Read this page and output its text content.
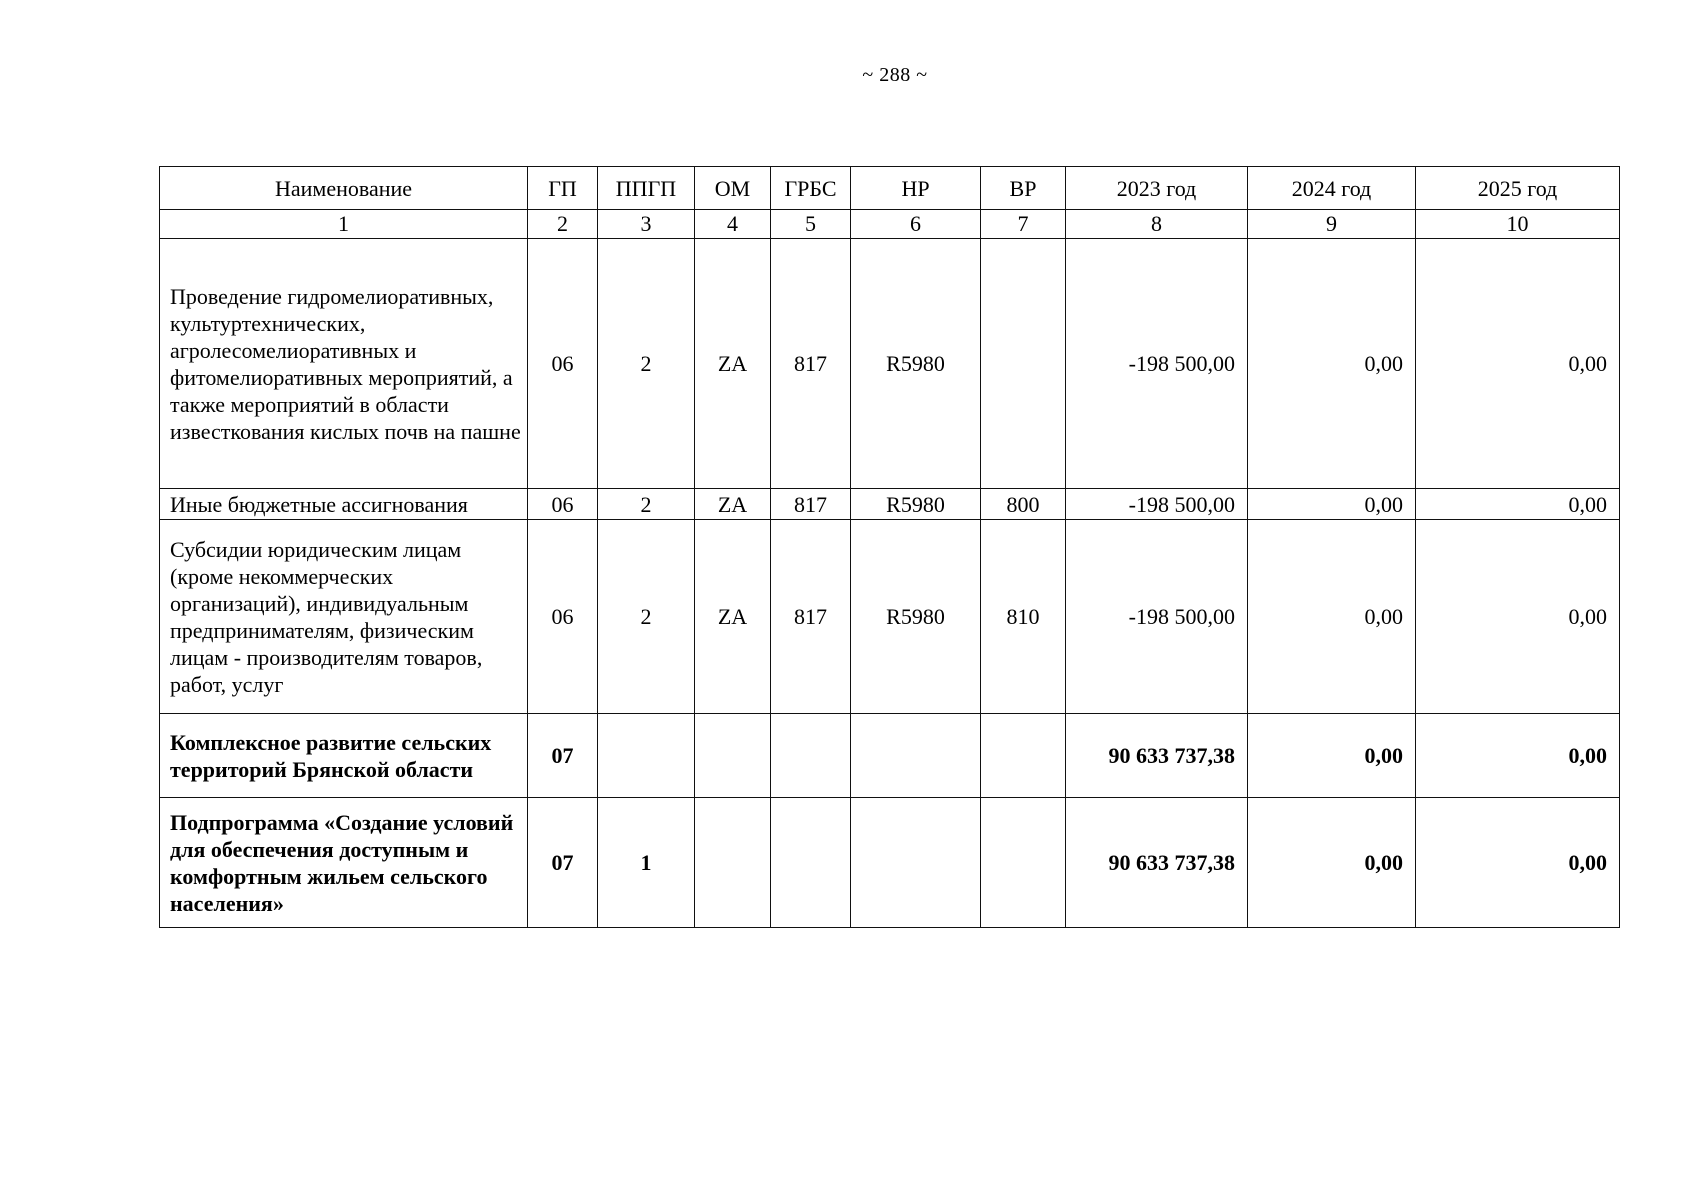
~ 288 ~
Наименование	ГП	ППГП	ОМ	ГРБС	НР	ВР	2023 год	2024 год	2025 год
1	2	3	4	5	6	7	8	9	10
Проведение гидромелиоративных, культуртехнических, агролесомелиоративных и фитомелиоративных мероприятий, а также мероприятий в области известкования кислых почв на пашне	06	2	ZA	817	R5980		-198 500,00	0,00	0,00
Иные бюджетные ассигнования	06	2	ZA	817	R5980	800	-198 500,00	0,00	0,00
Субсидии юридическим лицам (кроме некоммерческих организаций), индивидуальным предпринимателям, физическим лицам - производителям товаров, работ, услуг	06	2	ZA	817	R5980	810	-198 500,00	0,00	0,00
Комплексное развитие сельских территорий Брянской области	07						90 633 737,38	0,00	0,00
Подпрограмма «Создание условий для обеспечения доступным и комфортным жильем сельского населения»	07	1					90 633 737,38	0,00	0,00
